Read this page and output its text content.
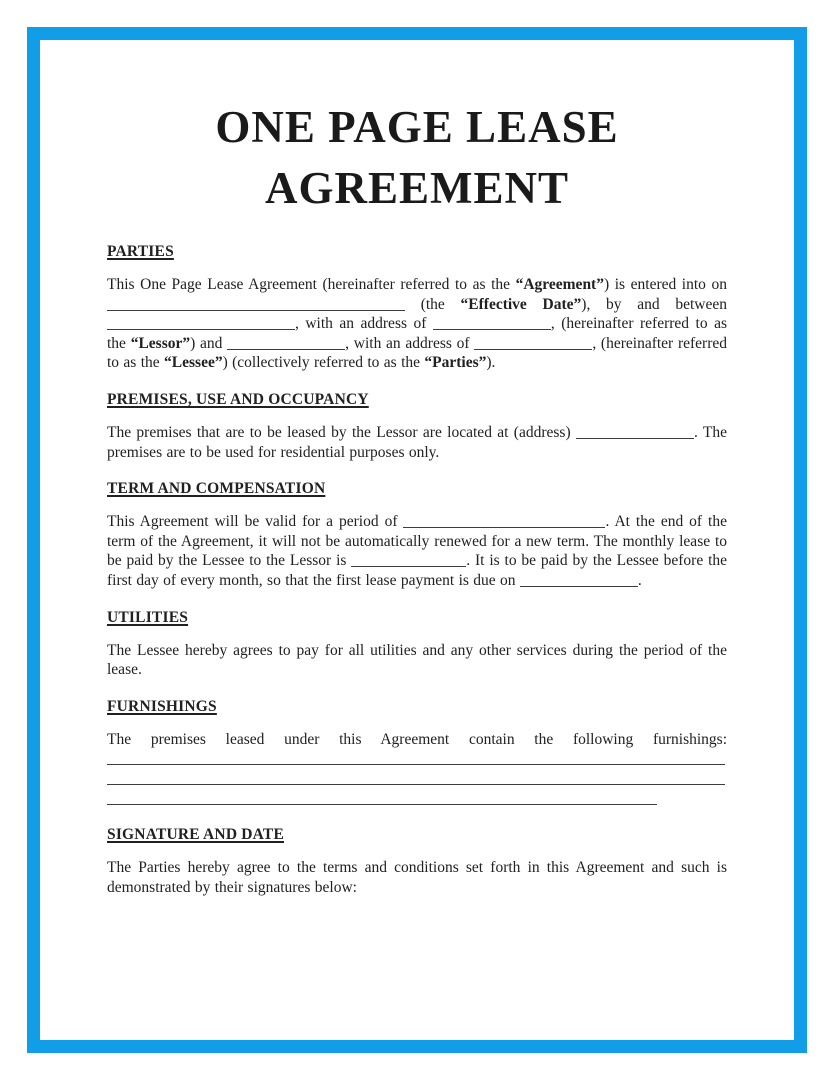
ONE PAGE LEASE
AGREEMENT
PARTIES

This One Page Lease Agreement (hereinafter referred to as the “Agreement”) is entered into on  (the “Effective Date”), by and between , with an address of	, (hereinafter referred to as the “Lessor”) and	, with an address of	, (hereinafter referred to as the “Lessee”) (collectively referred to as the “Parties”).

PREMISES, USE AND OCCUPANCY

The premises that are to be leased by the Lessor are located at (address)	. The premises are to be used for residential purposes only.

TERM AND COMPENSATION

This Agreement will be valid for a period of	. At the end of the term of the Agreement, it will not be automatically renewed for a new term. The monthly lease to be paid by the Lessee to the Lessor is	. It is to be paid by the Lessee before the first day of every month, so that the first lease payment is due on	.

UTILITIES

The Lessee hereby agrees to pay for all utilities and any other services during the period of the lease.

FURNISHINGS

The premises leased under this Agreement contain the following furnishings:

SIGNATURE AND DATE

The Parties hereby agree to the terms and conditions set forth in this Agreement and such is demonstrated by their signatures below:
